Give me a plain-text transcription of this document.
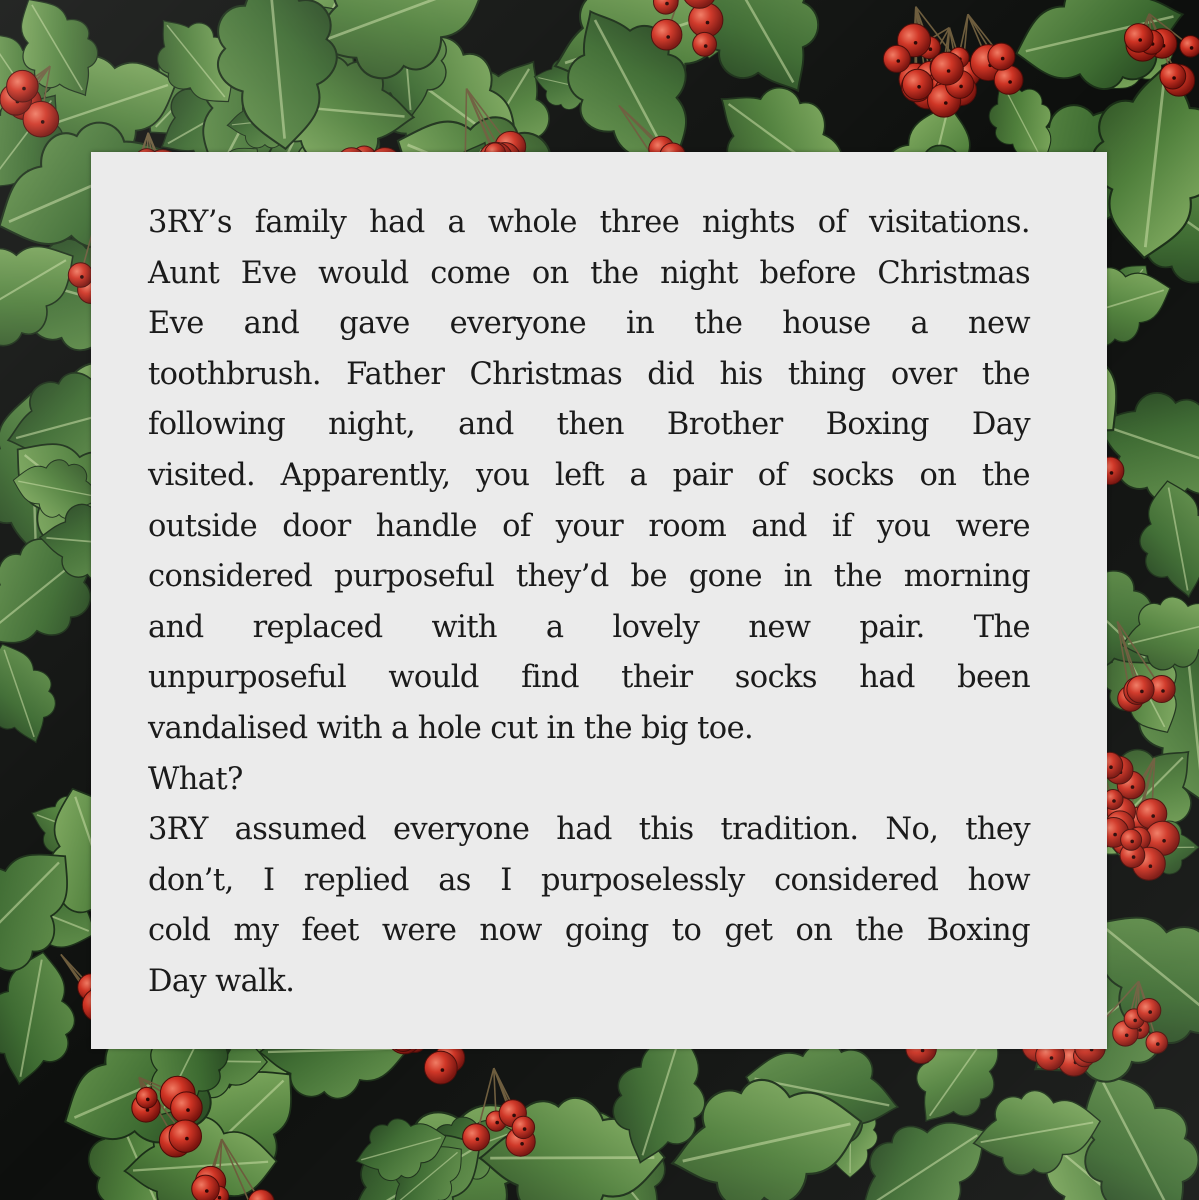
3RY’s family had a whole three nights of visitations.
Aunt Eve would come on the night before Christmas
Eve and gave everyone in the house a new
toothbrush. Father Christmas did his thing over the
following night, and then Brother Boxing Day
visited. Apparently, you left a pair of socks on the
outside door handle of your room and if you were
considered purposeful they’d be gone in the morning
and replaced with a lovely new pair. The
unpurposeful would find their socks had been
vandalised with a hole cut in the big toe.
What?
3RY assumed everyone had this tradition. No, they
don’t, I replied as I purposelessly considered how
cold my feet were now going to get on the Boxing
Day walk.
